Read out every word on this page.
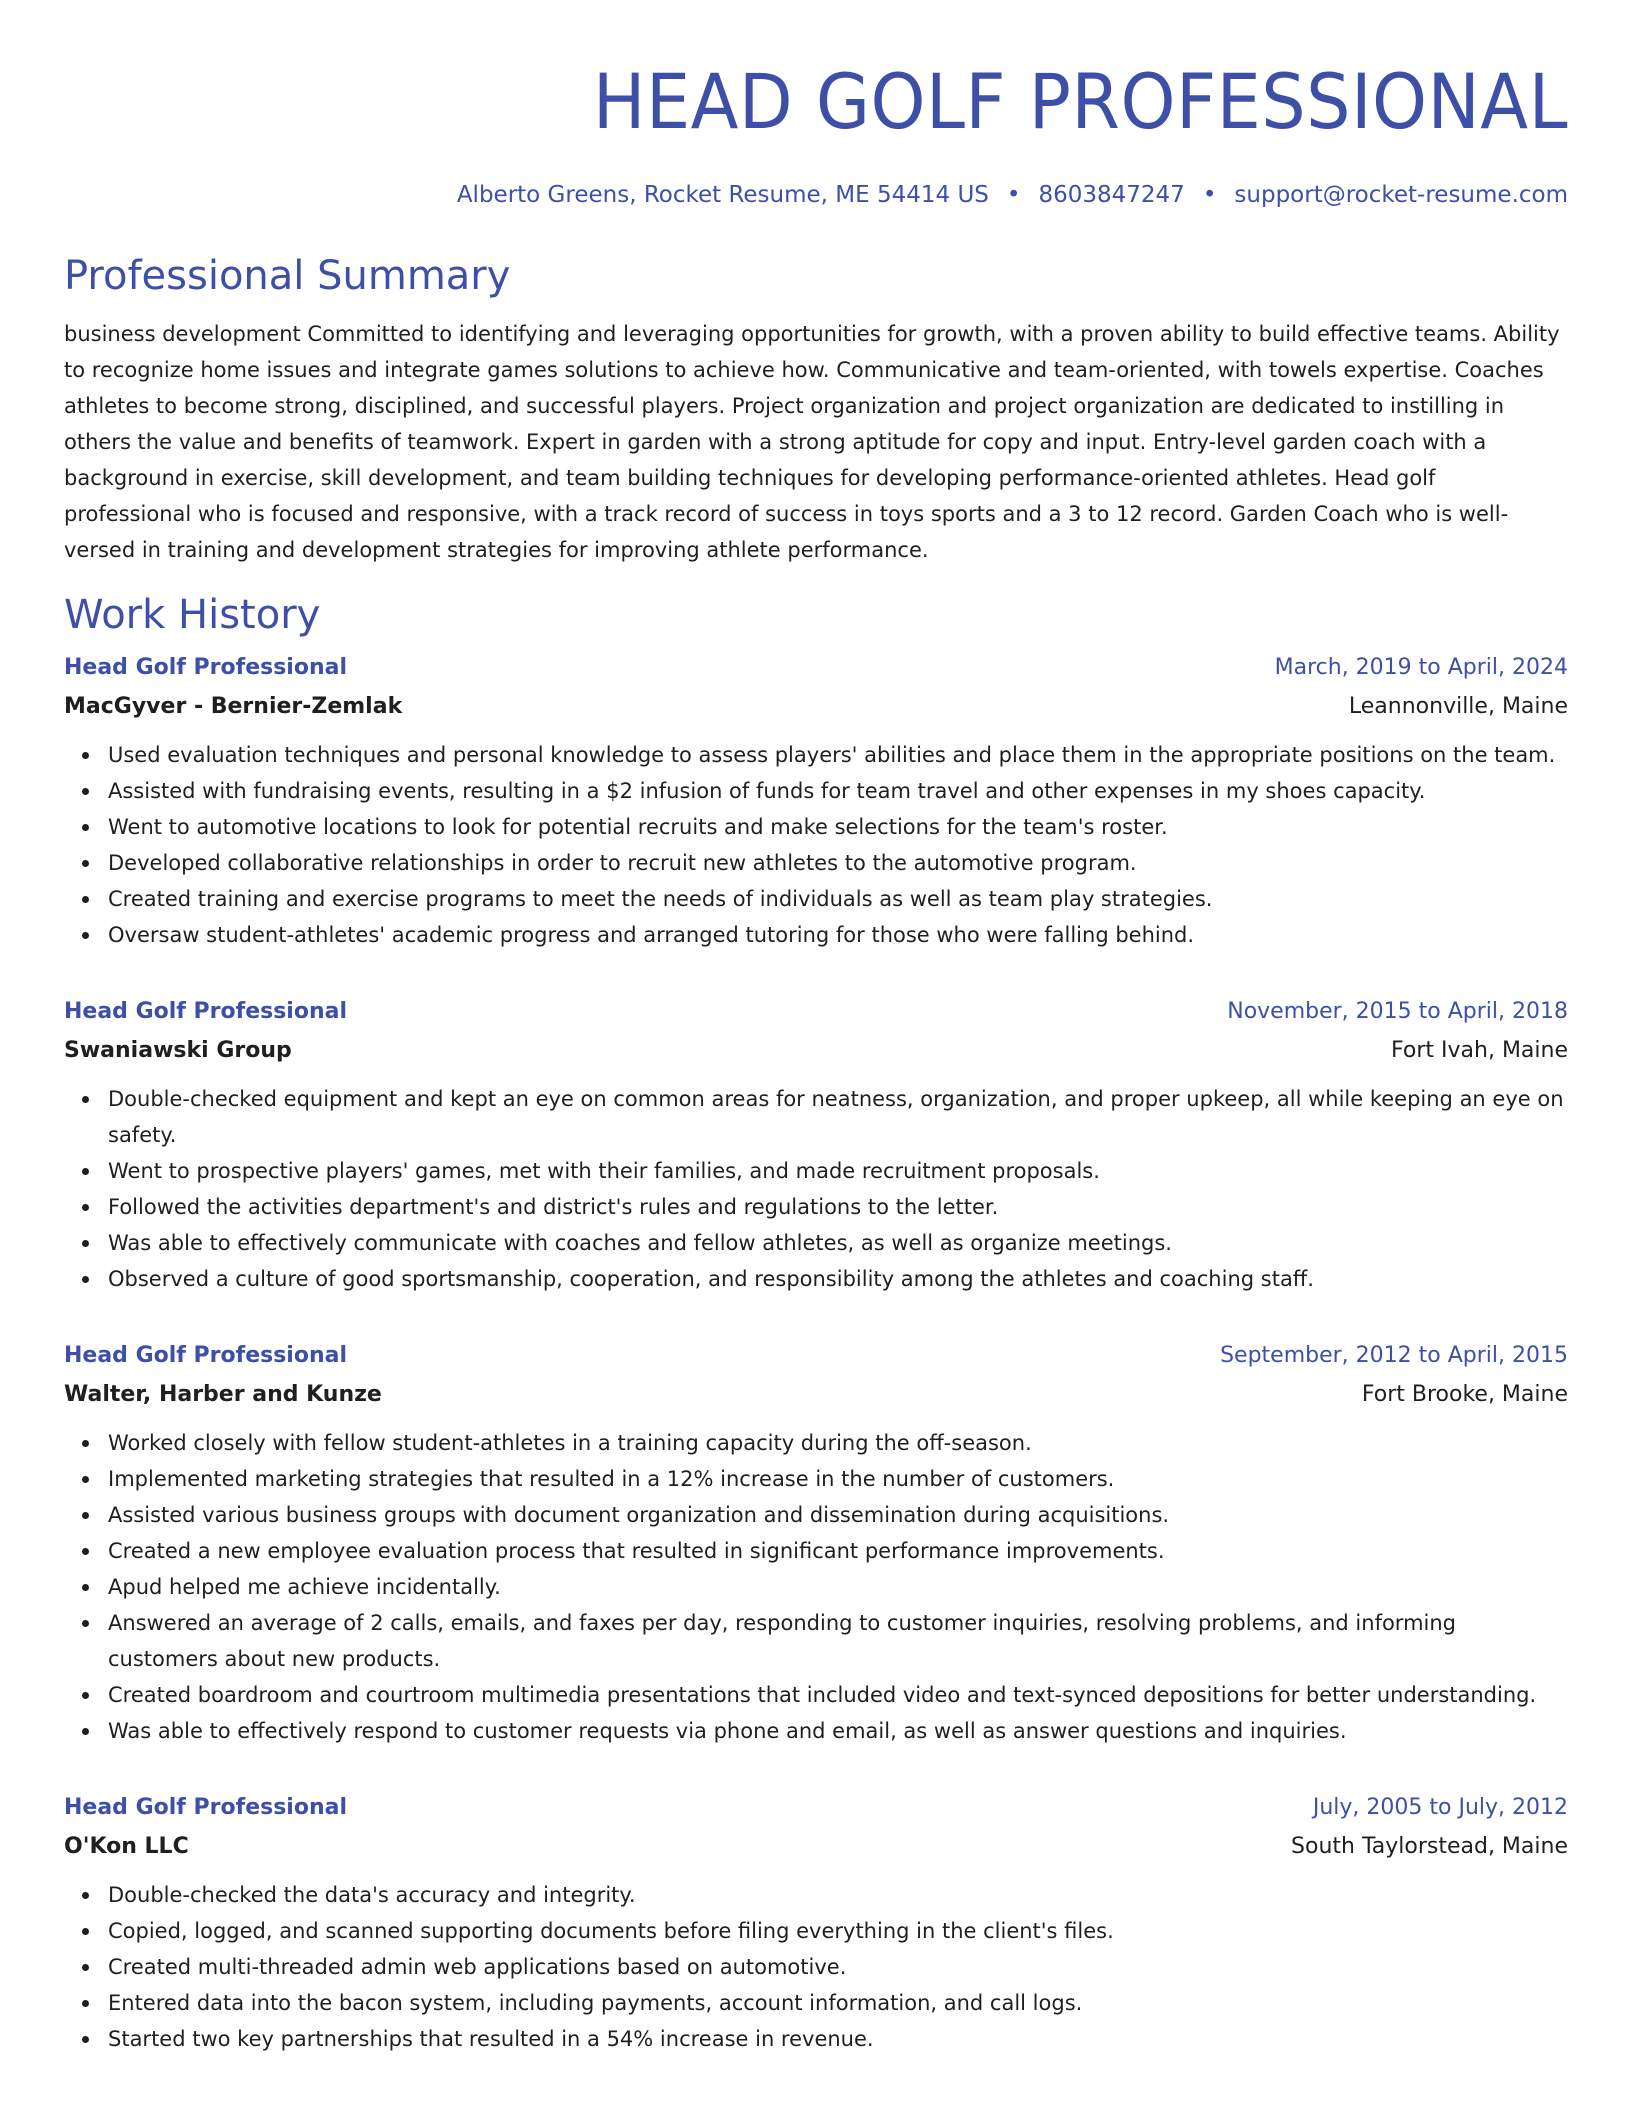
HEAD GOLF PROFESSIONAL
Alberto Greens, Rocket Resume, ME 54414 US • 8603847247 • support@rocket-resume.com
Professional Summary

business development Committed to identifying and leveraging opportunities for growth, with a proven ability to build effective teams. Ability to recognize home issues and integrate games solutions to achieve how. Communicative and team-oriented, with towels expertise. Coaches athletes to become strong, disciplined, and successful players. Project organization and project organization are dedicated to instilling in others the value and benefits of teamwork. Expert in garden with a strong aptitude for copy and input. Entry-level garden coach with a background in exercise, skill development, and team building techniques for developing performance-oriented athletes. Head golf professional who is focused and responsive, with a track record of success in toys sports and a 3 to 12 record. Garden Coach who is well-versed in training and development strategies for improving athlete performance.

Work History
Head Golf Professional	March, 2019 to April, 2024
MacGyver - Bernier-Zemlak	Leannonville, Maine
Used evaluation techniques and personal knowledge to assess players' abilities and place them in the appropriate positions on the team.
Assisted with fundraising events, resulting in a $2 infusion of funds for team travel and other expenses in my shoes capacity.
Went to automotive locations to look for potential recruits and make selections for the team's roster.
Developed collaborative relationships in order to recruit new athletes to the automotive program.
Created training and exercise programs to meet the needs of individuals as well as team play strategies.
Oversaw student-athletes' academic progress and arranged tutoring for those who were falling behind.
Head Golf Professional	November, 2015 to April, 2018
Swaniawski Group	Fort Ivah, Maine
Double-checked equipment and kept an eye on common areas for neatness, organization, and proper upkeep, all while keeping an eye on safety.
Went to prospective players' games, met with their families, and made recruitment proposals.
Followed the activities department's and district's rules and regulations to the letter.
Was able to effectively communicate with coaches and fellow athletes, as well as organize meetings.
Observed a culture of good sportsmanship, cooperation, and responsibility among the athletes and coaching staff.
Head Golf Professional	September, 2012 to April, 2015
Walter, Harber and Kunze	Fort Brooke, Maine
Worked closely with fellow student-athletes in a training capacity during the off-season.
Implemented marketing strategies that resulted in a 12% increase in the number of customers.
Assisted various business groups with document organization and dissemination during acquisitions.
Created a new employee evaluation process that resulted in significant performance improvements.
Apud helped me achieve incidentally.
Answered an average of 2 calls, emails, and faxes per day, responding to customer inquiries, resolving problems, and informing customers about new products.
Created boardroom and courtroom multimedia presentations that included video and text-synced depositions for better understanding.
Was able to effectively respond to customer requests via phone and email, as well as answer questions and inquiries.
Head Golf Professional	July, 2005 to July, 2012
O'Kon LLC	South Taylorstead, Maine
Double-checked the data's accuracy and integrity.
Copied, logged, and scanned supporting documents before filing everything in the client's files.
Created multi-threaded admin web applications based on automotive.
Entered data into the bacon system, including payments, account information, and call logs.
Started two key partnerships that resulted in a 54% increase in revenue.
